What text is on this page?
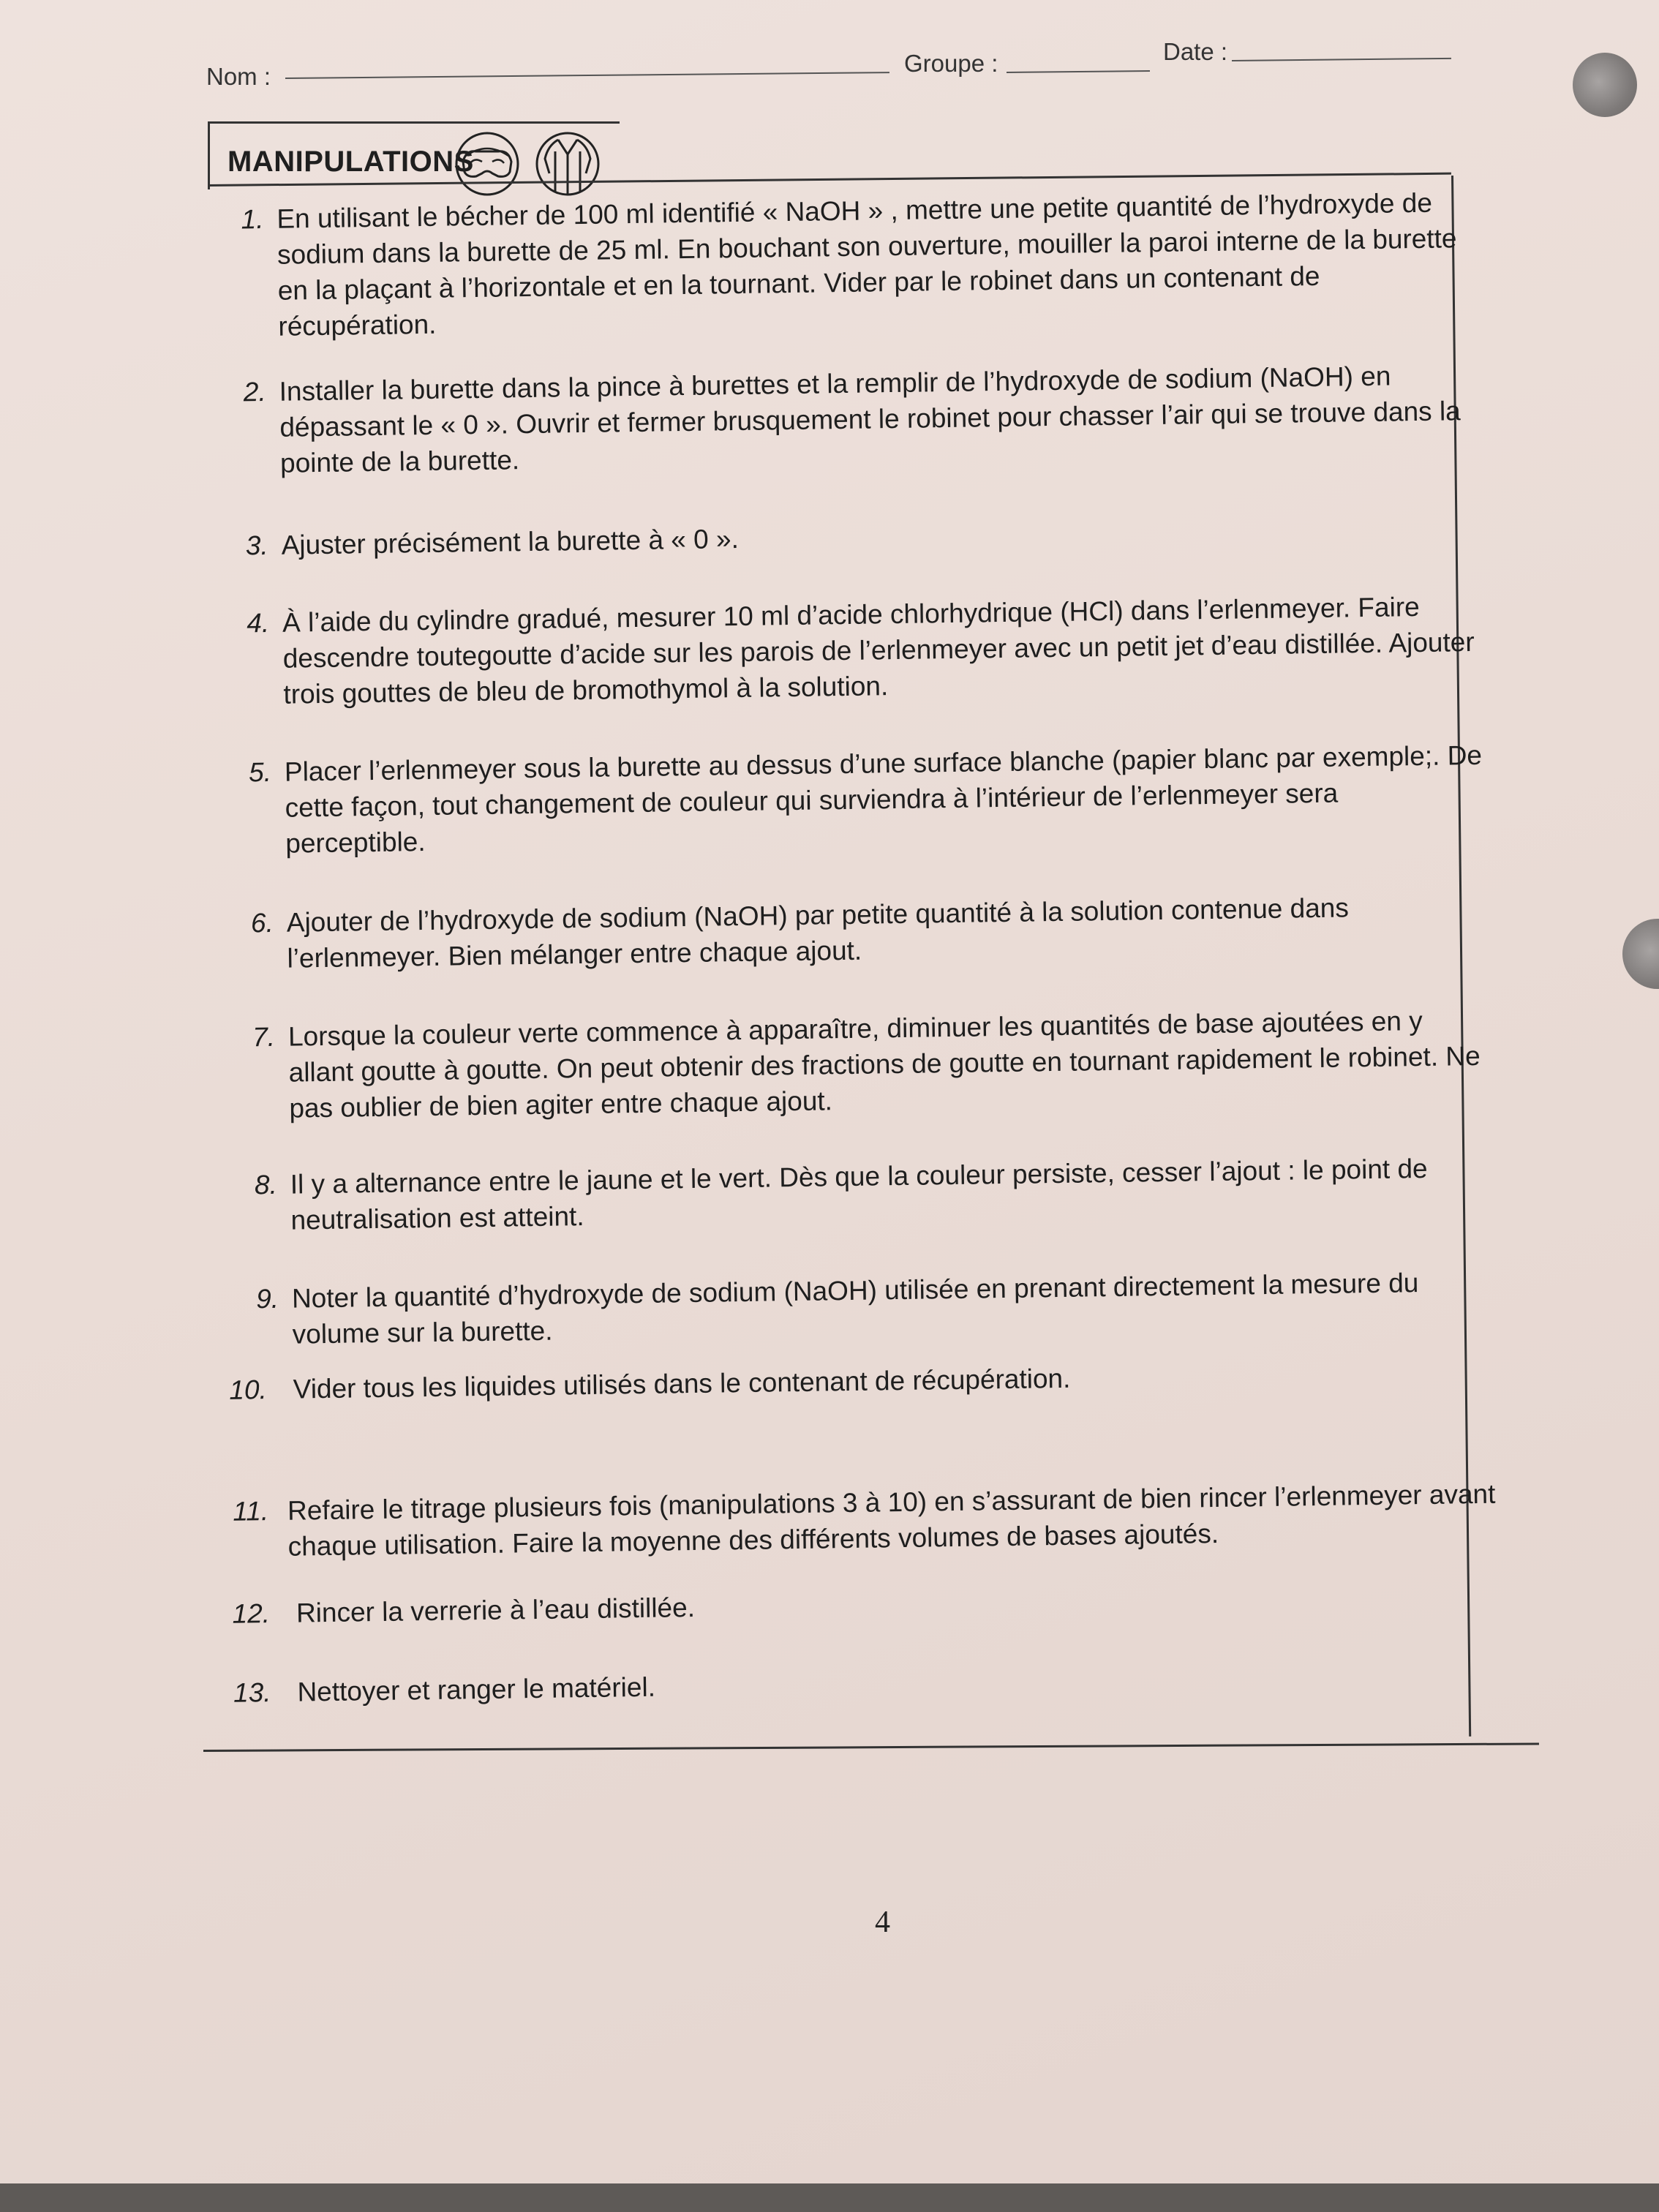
Nom :	Groupe :	Date :
MANIPULATIONS
1. En utilisant le bécher de 100 ml identifié « NaOH » , mettre une petite quantité de l’hydroxyde de sodium dans la burette de 25 ml. En bouchant son ouverture, mouiller la paroi interne de la burette en la plaçant à l’horizontale et en la tournant. Vider par le robinet dans un contenant de récupération.
2. Installer la burette dans la pince à burettes et la remplir de l’hydroxyde de sodium (NaOH) en dépassant le « 0 ». Ouvrir et fermer brusquement le robinet pour chasser l’air qui se trouve dans la pointe de la burette.
3. Ajuster précisément la burette à « 0 ».
4. À l’aide du cylindre gradué, mesurer 10 ml d’acide chlorhydrique (HCl) dans l’erlenmeyer. Faire descendre toutegoutte d’acide sur les parois de l’erlenmeyer avec un petit jet d’eau distillée. Ajouter trois gouttes de bleu de bromothymol à la solution.
5. Placer l’erlenmeyer sous la burette au dessus d’une surface blanche (papier blanc par exemple;. De cette façon, tout changement de couleur qui surviendra à l’intérieur de l’erlenmeyer sera perceptible.
6. Ajouter de l’hydroxyde de sodium (NaOH) par petite quantité à la solution contenue dans l’erlenmeyer. Bien mélanger entre chaque ajout.
7. Lorsque la couleur verte commence à apparaître, diminuer les quantités de base ajoutées en y allant goutte à goutte. On peut obtenir des fractions de goutte en tournant rapidement le robinet. Ne pas oublier de bien agiter entre chaque ajout.
8. Il y a alternance entre le jaune et le vert. Dès que la couleur persiste, cesser l’ajout : le point de neutralisation est atteint.
9. Noter la quantité d’hydroxyde de sodium (NaOH) utilisée en prenant directement la mesure du volume sur la burette.
10. Vider tous les liquides utilisés dans le contenant de récupération.
11. Refaire le titrage plusieurs fois (manipulations 3 à 10) en s’assurant de bien rincer l’erlenmeyer avant chaque utilisation. Faire la moyenne des différents volumes de bases ajoutés.
12. Rincer la verrerie à l’eau distillée.
13. Nettoyer et ranger le matériel.
4
